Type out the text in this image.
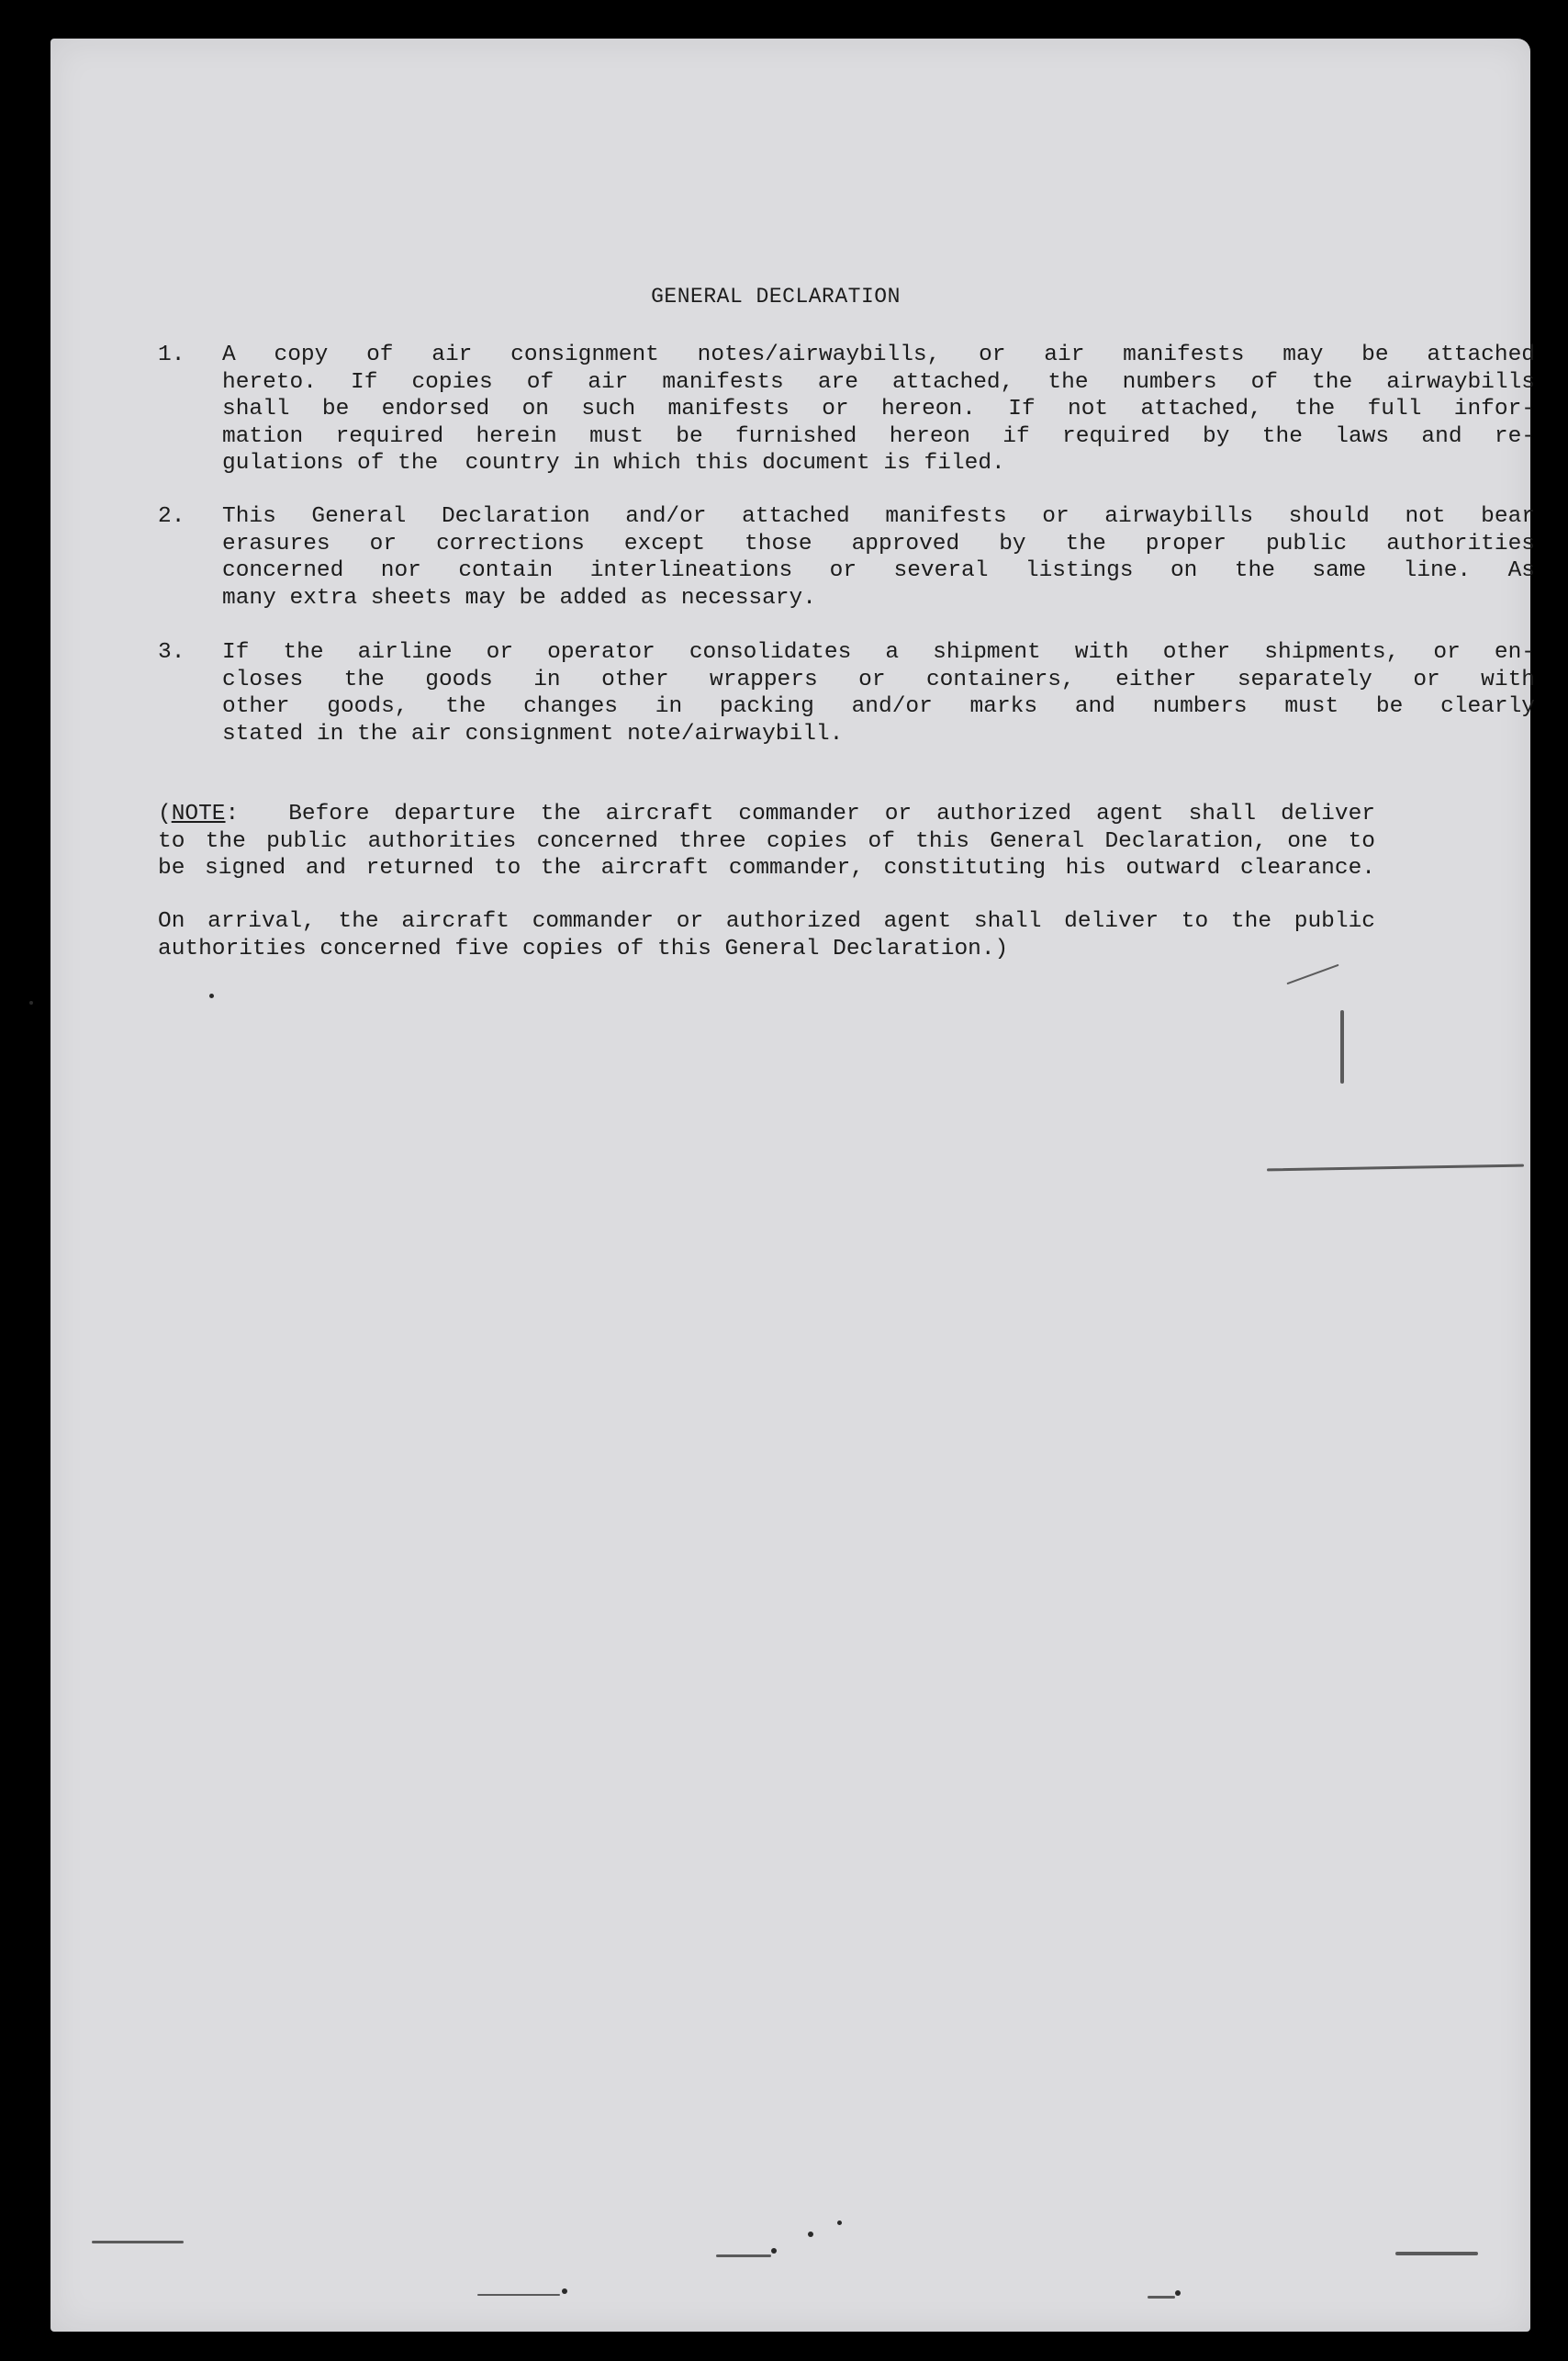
GENERAL DECLARATION
1. A copy of air consignment notes/airwaybills, or air manifests may be attached
hereto. If copies of air manifests are attached, the numbers of the airwaybills
shall be endorsed on such manifests or hereon. If not attached, the full infor-
mation required herein must be furnished hereon if required by the laws and re-
gulations of the  country in which this document is filed.
2. This General Declaration and/or attached manifests or airwaybills should not bear
erasures or corrections except those approved by the proper public authorities
concerned nor contain interlineations or several listings on the same line. As
many extra sheets may be added as necessary.
3. If the airline or operator consolidates a shipment with other shipments, or en-
closes the goods in other wrappers or containers, either separately or with
other goods, the changes in packing and/or marks and numbers must be clearly
stated in the air consignment note/airwaybill.
(NOTE:  Before departure the aircraft commander or authorized agent shall deliver
to the public authorities concerned three copies of this General Declaration, one to
be signed and returned to the aircraft commander, constituting his outward clearance.
On arrival, the aircraft commander or authorized agent shall deliver to the public
authorities concerned five copies of this General Declaration.)
